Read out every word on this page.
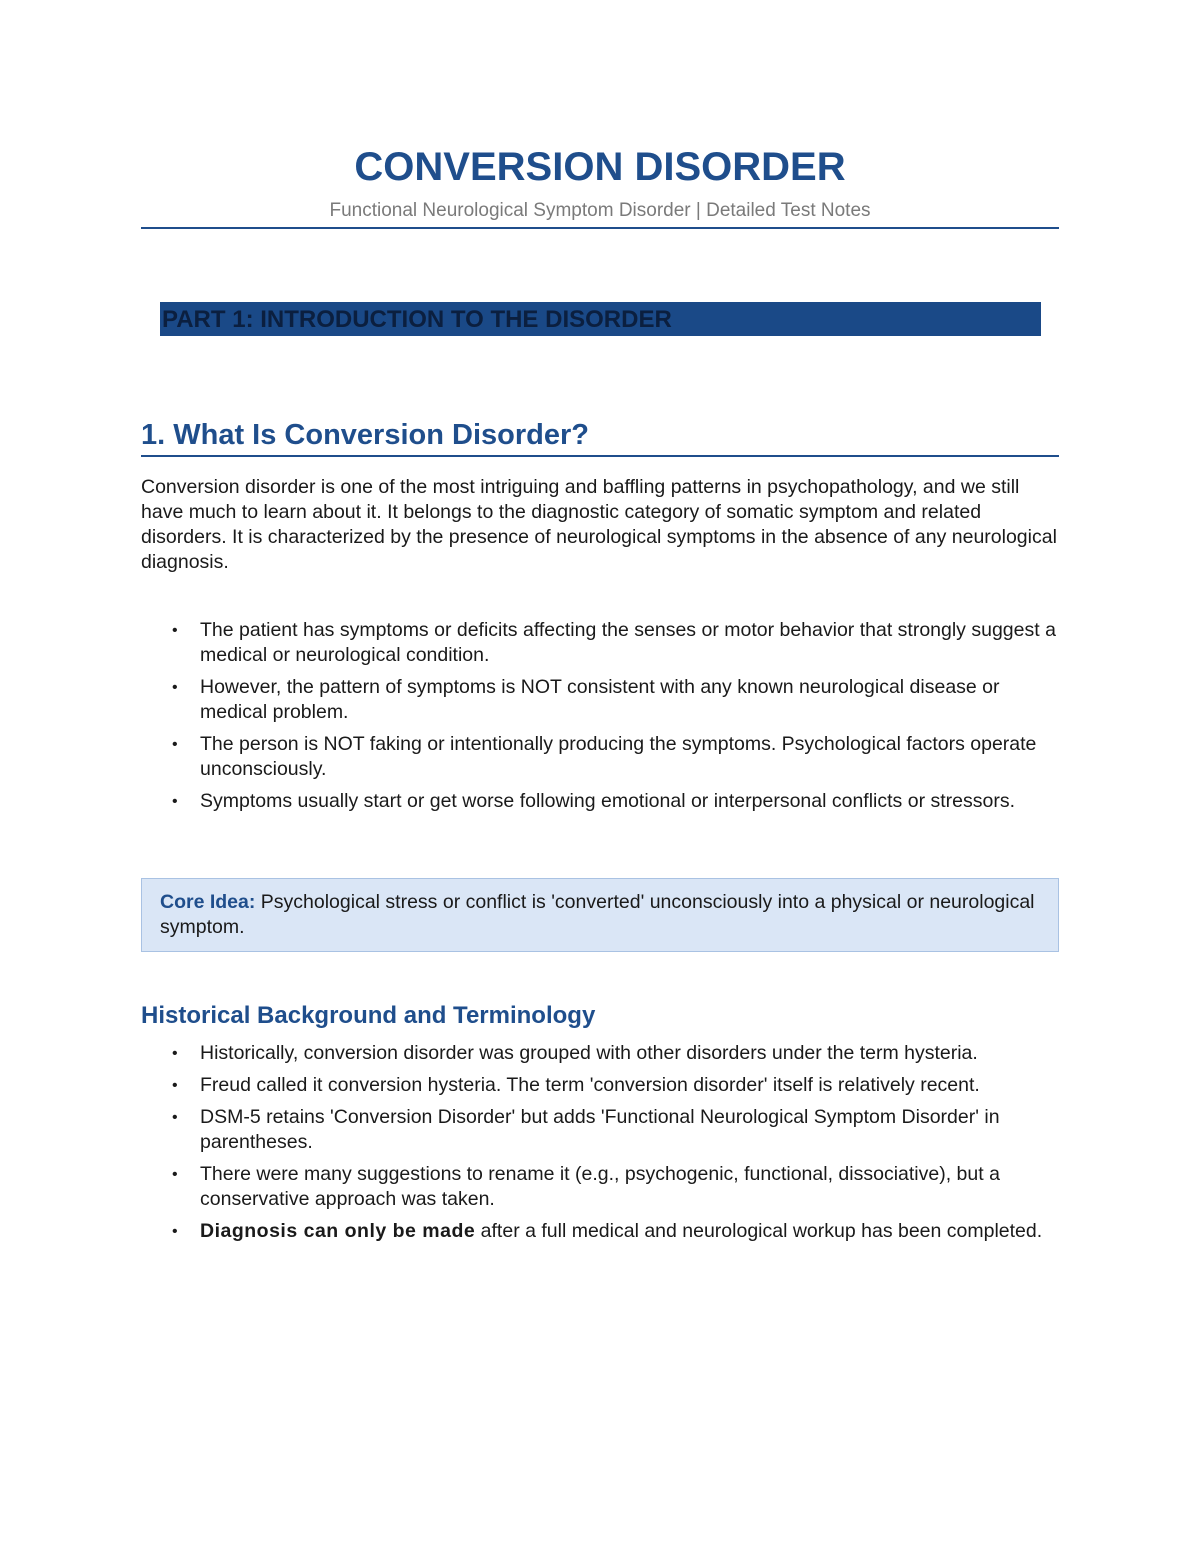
CONVERSION DISORDER
Functional Neurological Symptom Disorder | Detailed Test Notes
PART 1: INTRODUCTION TO THE DISORDER
1. What Is Conversion Disorder?

Conversion disorder is one of the most intriguing and baffling patterns in psychopathology, and we still have much to learn about it. It belongs to the diagnostic category of somatic symptom and related disorders. It is characterized by the presence of neurological symptoms in the absence of any neurological diagnosis.

• The patient has symptoms or deficits affecting the senses or motor behavior that strongly suggest a medical or neurological condition.
• However, the pattern of symptoms is NOT consistent with any known neurological disease or medical problem.
• The person is NOT faking or intentionally producing the symptoms. Psychological factors operate unconsciously.
• Symptoms usually start or get worse following emotional or interpersonal conflicts or stressors.
Core Idea: Psychological stress or conflict is 'converted' unconsciously into a physical or neurological symptom.
Historical Background and Terminology
• Historically, conversion disorder was grouped with other disorders under the term hysteria.
• Freud called it conversion hysteria. The term 'conversion disorder' itself is relatively recent.
• DSM-5 retains 'Conversion Disorder' but adds 'Functional Neurological Symptom Disorder' in parentheses.
• There were many suggestions to rename it (e.g., psychogenic, functional, dissociative), but a conservative approach was taken.
• Diagnosis can only be made after a full medical and neurological workup has been completed.
